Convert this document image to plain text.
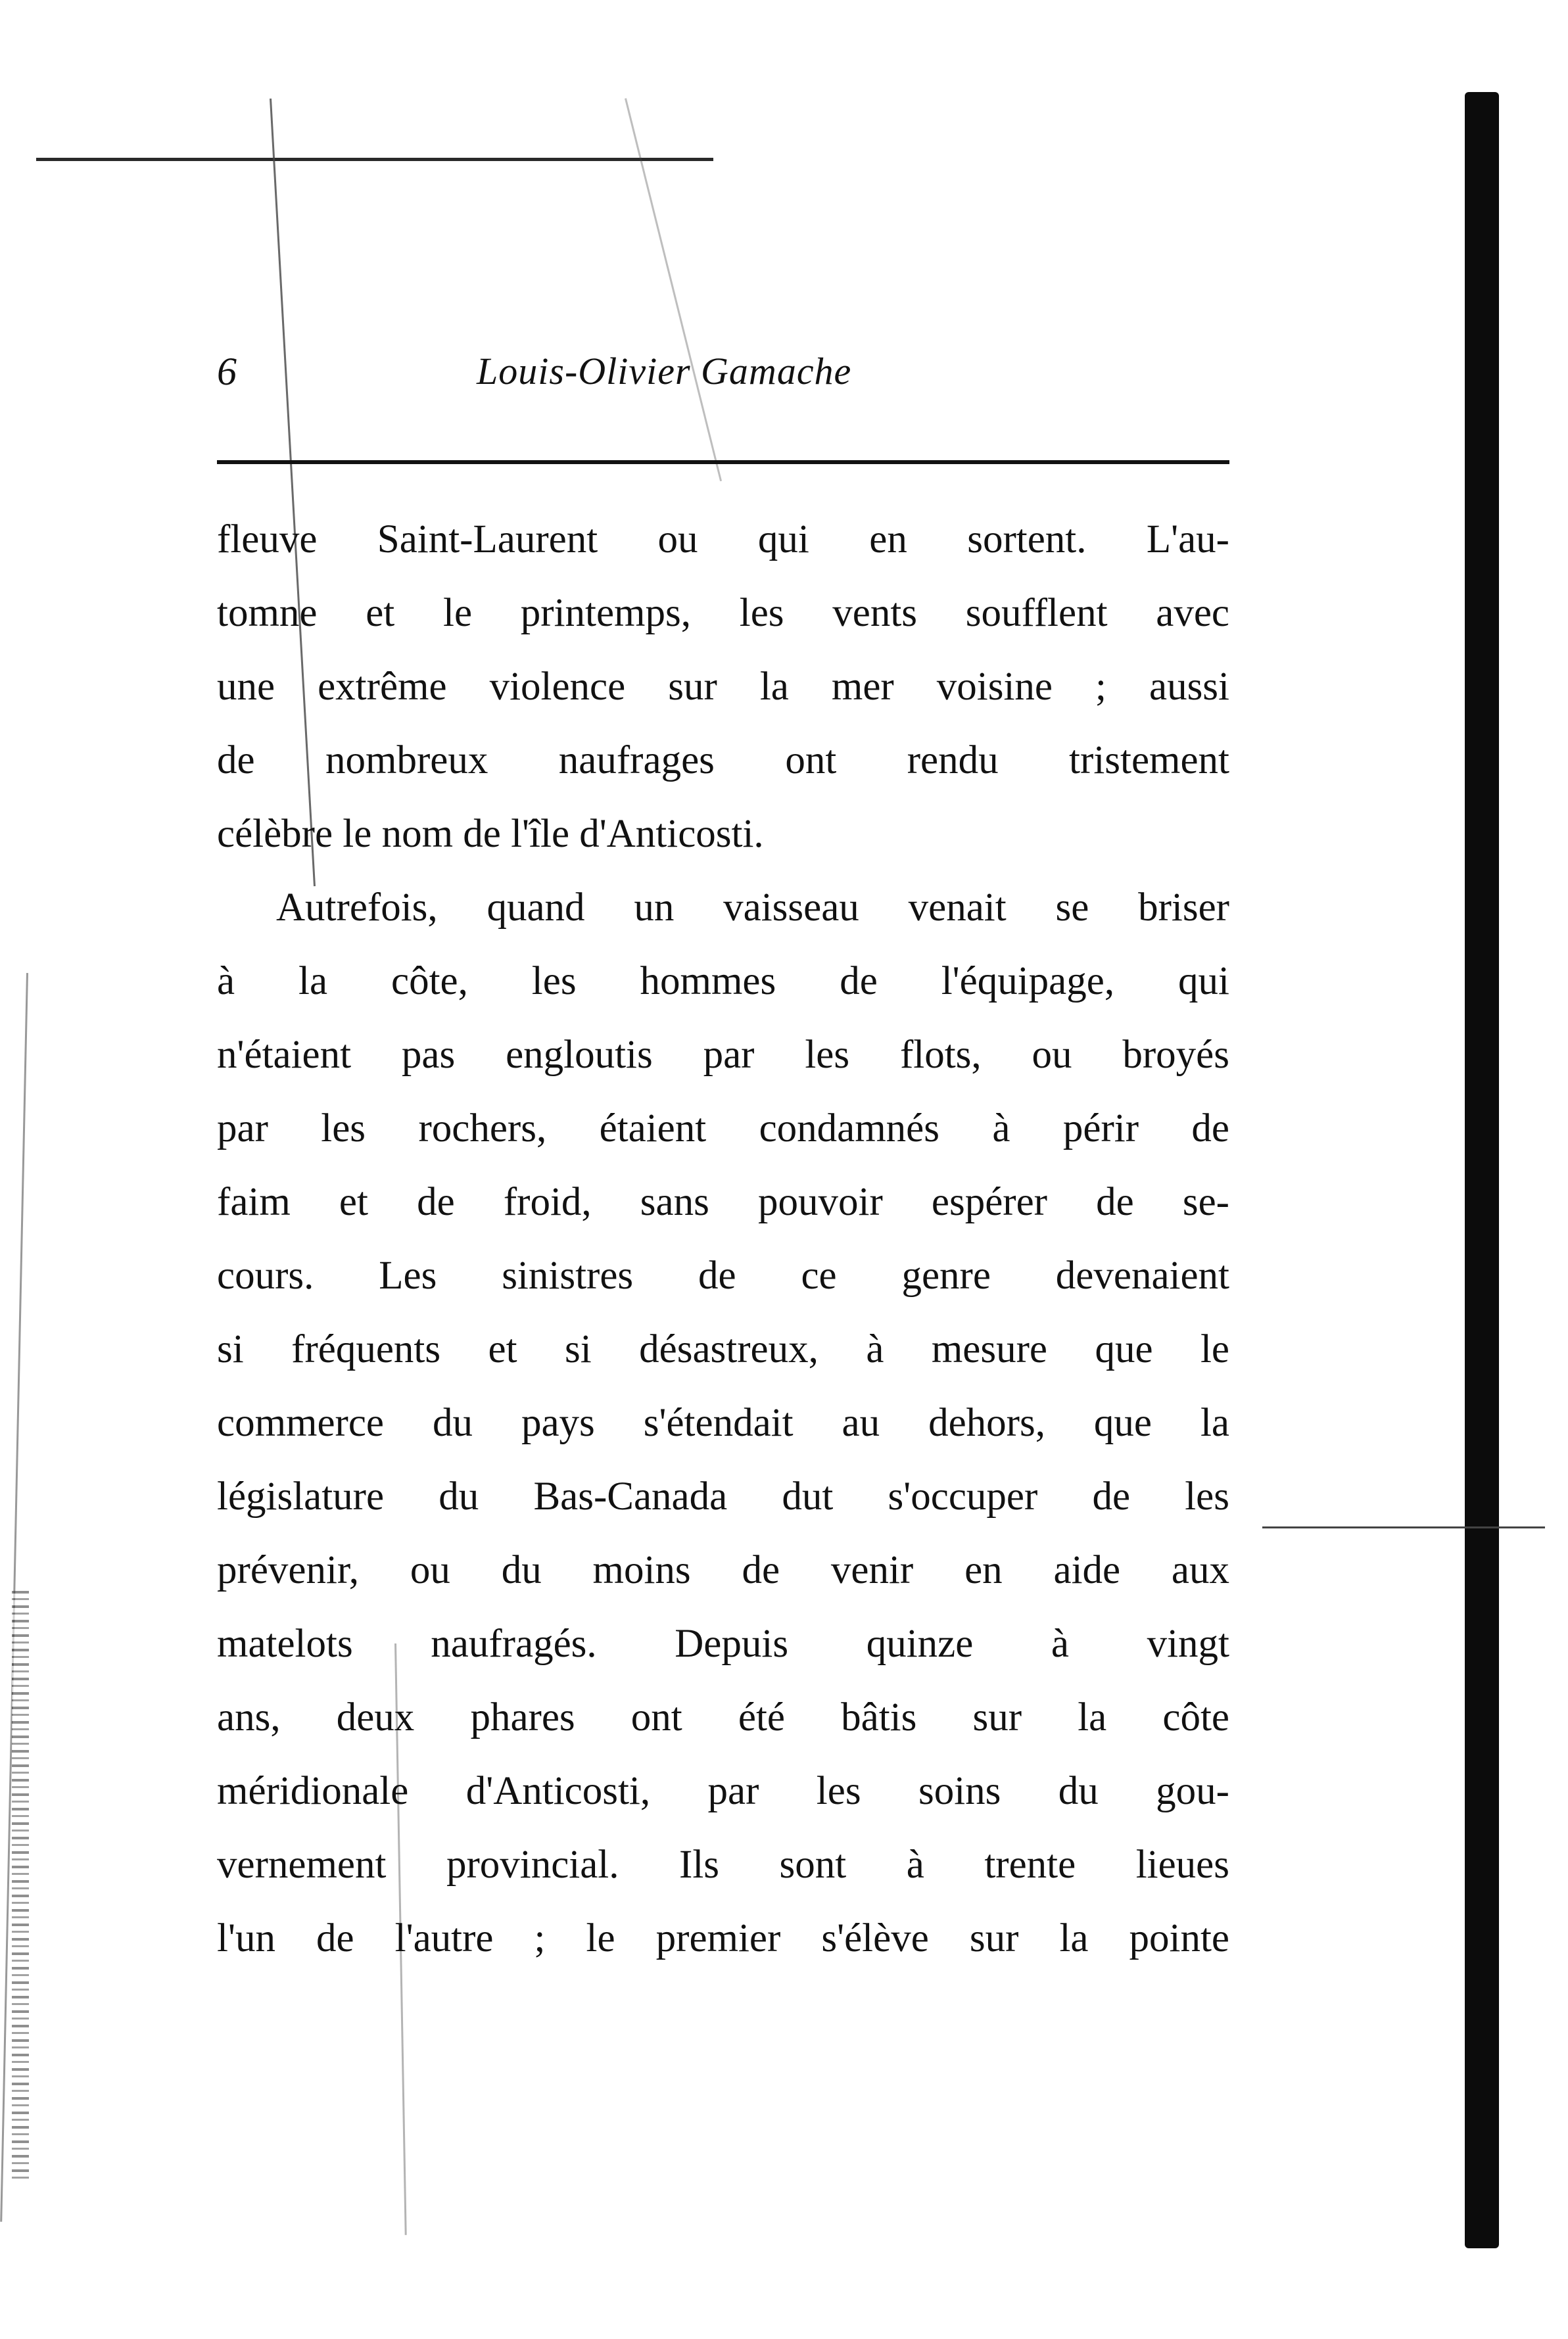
6	Louis-Olivier Gamache
fleuve Saint-Laurent ou qui en sortent. L'au-
tomne et le printemps, les vents soufflent avec
une extrême violence sur la mer voisine ; aussi
de nombreux naufrages ont rendu tristement
célèbre le nom de l'île d'Anticosti.
Autrefois, quand un vaisseau venait se briser
à la côte, les hommes de l'équipage, qui
n'étaient pas engloutis par les flots, ou broyés
par les rochers, étaient condamnés à périr de
faim et de froid, sans pouvoir espérer de se-
cours. Les sinistres de ce genre devenaient
si fréquents et si désastreux, à mesure que le
commerce du pays s'étendait au dehors, que la
législature du Bas-Canada dut s'occuper de les
prévenir, ou du moins de venir en aide aux
matelots naufragés. Depuis quinze à vingt
ans, deux phares ont été bâtis sur la côte
méridionale d'Anticosti, par les soins du gou-
vernement provincial. Ils sont à trente lieues
l'un de l'autre ; le premier s'élève sur la pointe
